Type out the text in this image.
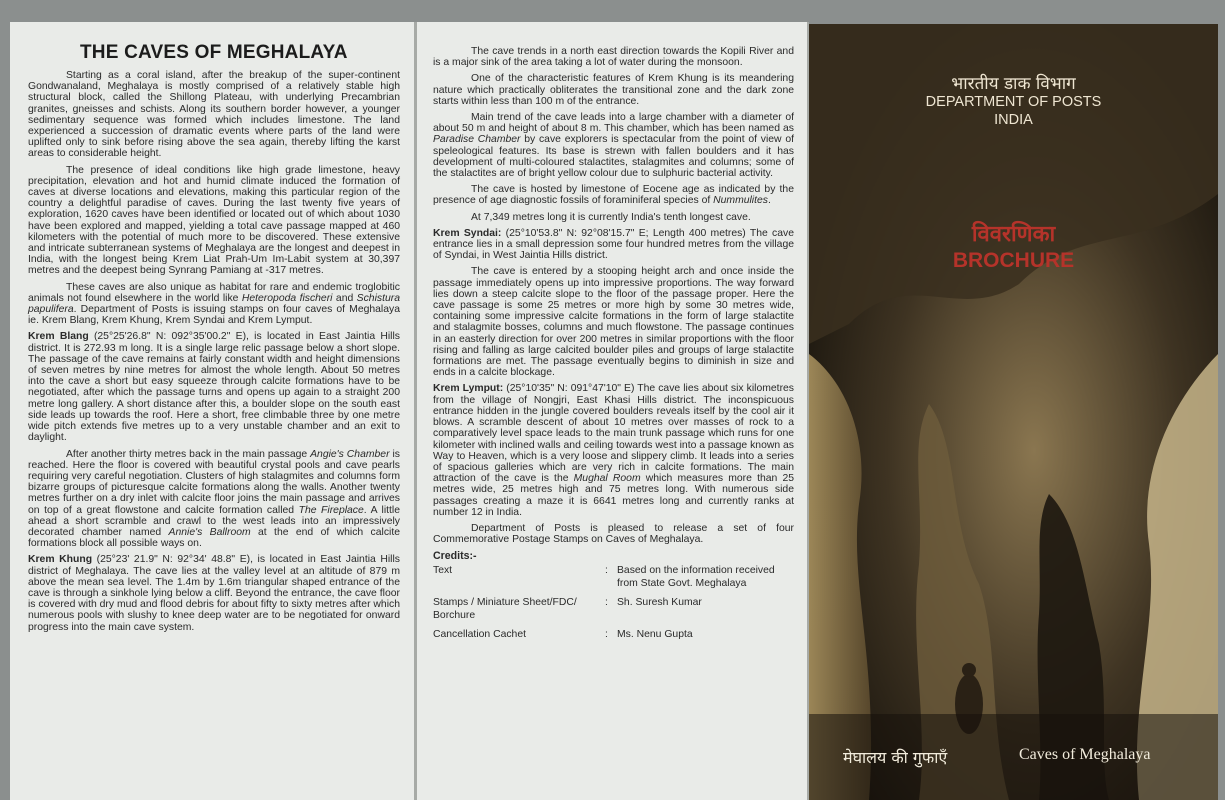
THE CAVES OF MEGHALAYA

Starting as a coral island, after the breakup of the super-continent Gondwanaland, Meghalaya is mostly comprised of a relatively stable high structural block, called the Shillong Plateau, with underlying Precambrian granites, gneisses and schists. Along its southern border however, a younger sedimentary sequence was formed which includes limestone. The land experienced a succession of dramatic events where parts of the land were uplifted only to sink before rising above the sea again, thereby lifting the karst areas to considerable height.

The presence of ideal conditions like high grade limestone, heavy precipitation, elevation and hot and humid climate induced the formation of caves at diverse locations and elevations, making this particular region of the country a delightful paradise of caves. During the last twenty five years of exploration, 1620 caves have been identified or located out of which about 1030 have been explored and mapped, yielding a total cave passage mapped at 460 kilometers with the potential of much more to be discovered. These extensive and intricate subterranean systems of Meghalaya are the longest and deepest in India, with the longest being Krem Liat Prah-Um Im-Labit system at 30,397 metres and the deepest being Synrang Pamiang at -317 metres.

These caves are also unique as habitat for rare and endemic troglobitic animals not found elsewhere in the world like Heteropoda fischeri and Schistura papulifera. Department of Posts is issuing stamps on four caves of Meghalaya ie. Krem Blang, Krem Khung, Krem Syndai and Krem Lymput.

Krem Blang (25°25'26.8" N: 092°35'00.2" E), is located in East Jaintia Hills district. It is 272.93 m long. It is a single large relic passage below a short slope. The passage of the cave remains at fairly constant width and height dimensions of seven metres by nine metres for almost the whole length. About 50 metres into the cave a short but easy squeeze through calcite formations have to be negotiated, after which the passage turns and opens up again to a straight 200 metre long gallery. A short distance after this, a boulder slope on the south east side leads up towards the roof. Here a short, free climbable three by one metre wide pitch extends five metres up to a very unstable chamber and an exit to daylight.

After another thirty metres back in the main passage Angie's Chamber is reached. Here the floor is covered with beautiful crystal pools and cave pearls requiring very careful negotiation. Clusters of high stalagmites and columns form bizarre groups of picturesque calcite formations along the walls. Another twenty metres further on a dry inlet with calcite floor joins the main passage and arrives on top of a great flowstone and calcite formation called The Fireplace. A little ahead a short scramble and crawl to the west leads into an impressively decorated chamber named Annie's Ballroom at the end of which calcite formations block all possible ways on.

Krem Khung (25°23' 21.9" N: 92°34' 48.8" E), is located in East Jaintia Hills district of Meghalaya. The cave lies at the valley level at an altitude of 879 m above the mean sea level. The 1.4m by 1.6m triangular shaped entrance of the cave is through a sinkhole lying below a cliff. Beyond the entrance, the cave floor is covered with dry mud and flood debris for about fifty to sixty metres after which numerous pools with slushy to knee deep water are to be negotiated for onward progress into the main cave system.

The cave trends in a north east direction towards the Kopili River and is a major sink of the area taking a lot of water during the monsoon.

One of the characteristic features of Krem Khung is its meandering nature which practically obliterates the transitional zone and the dark zone starts within less than 100 m of the entrance.

Main trend of the cave leads into a large chamber with a diameter of about 50 m and height of about 8 m. This chamber, which has been named as Paradise Chamber by cave explorers is spectacular from the point of view of speleological features. Its base is strewn with fallen boulders and it has development of multi-coloured stalactites, stalagmites and columns; some of the stalactites are of bright yellow colour due to sulphuric bacterial activity.

The cave is hosted by limestone of Eocene age as indicated by the presence of age diagnostic fossils of foraminiferal species of Nummulites.

At 7,349 metres long it is currently India's tenth longest cave.

Krem Syndai: (25°10'53.8" N: 92°08'15.7" E; Length 400 metres) The cave entrance lies in a small depression some four hundred metres from the village of Syndai, in West Jaintia Hills district.

The cave is entered by a stooping height arch and once inside the passage immediately opens up into impressive proportions. The way forward lies down a steep calcite slope to the floor of the passage proper. Here the cave passage is some 25 metres or more high by some 30 metres wide, containing some impressive calcite formations in the form of large stalactite and stalagmite bosses, columns and much flowstone. The passage continues in an easterly direction for over 200 metres in similar proportions with the floor rising and falling as large calcited boulder piles and groups of large stalactite formations are met. The passage eventually begins to diminish in size and ends in a calcite blockage.

Krem Lymput: (25°10'35" N: 091°47'10" E) The cave lies about six kilometres from the village of Nongjri, East Khasi Hills district. The inconspicuous entrance hidden in the jungle covered boulders reveals itself by the cool air it blows. A scramble descent of about 10 metres over masses of rock to a comparatively level space leads to the main trunk passage which runs for one kilometer with inclined walls and ceiling towards west into a passage known as Way to Heaven, which is a very loose and slippery climb. It leads into a series of spacious galleries which are very rich in calcite formations. The main attraction of the cave is the Mughal Room which measures more than 25 metres wide, 25 metres high and 75 metres long. With numerous side passages creating a maze it is 6641 metres long and currently ranks at number 12 in India.

Department of Posts is pleased to release a set of four Commemorative Postage Stamps on Caves of Meghalaya.

Credits:-
Text	:	Based on the information received from State Govt. Meghalaya
Stamps / Miniature Sheet/FDC/ Borchure	:	Sh. Suresh Kumar
Cancellation Cachet	:	Ms. Nenu Gupta
भारतीय डाक विभाग
DEPARTMENT OF POSTS
INDIA
विवरणिका
BROCHURE
मेघालय की गुफाएँ	Caves of Meghalaya
